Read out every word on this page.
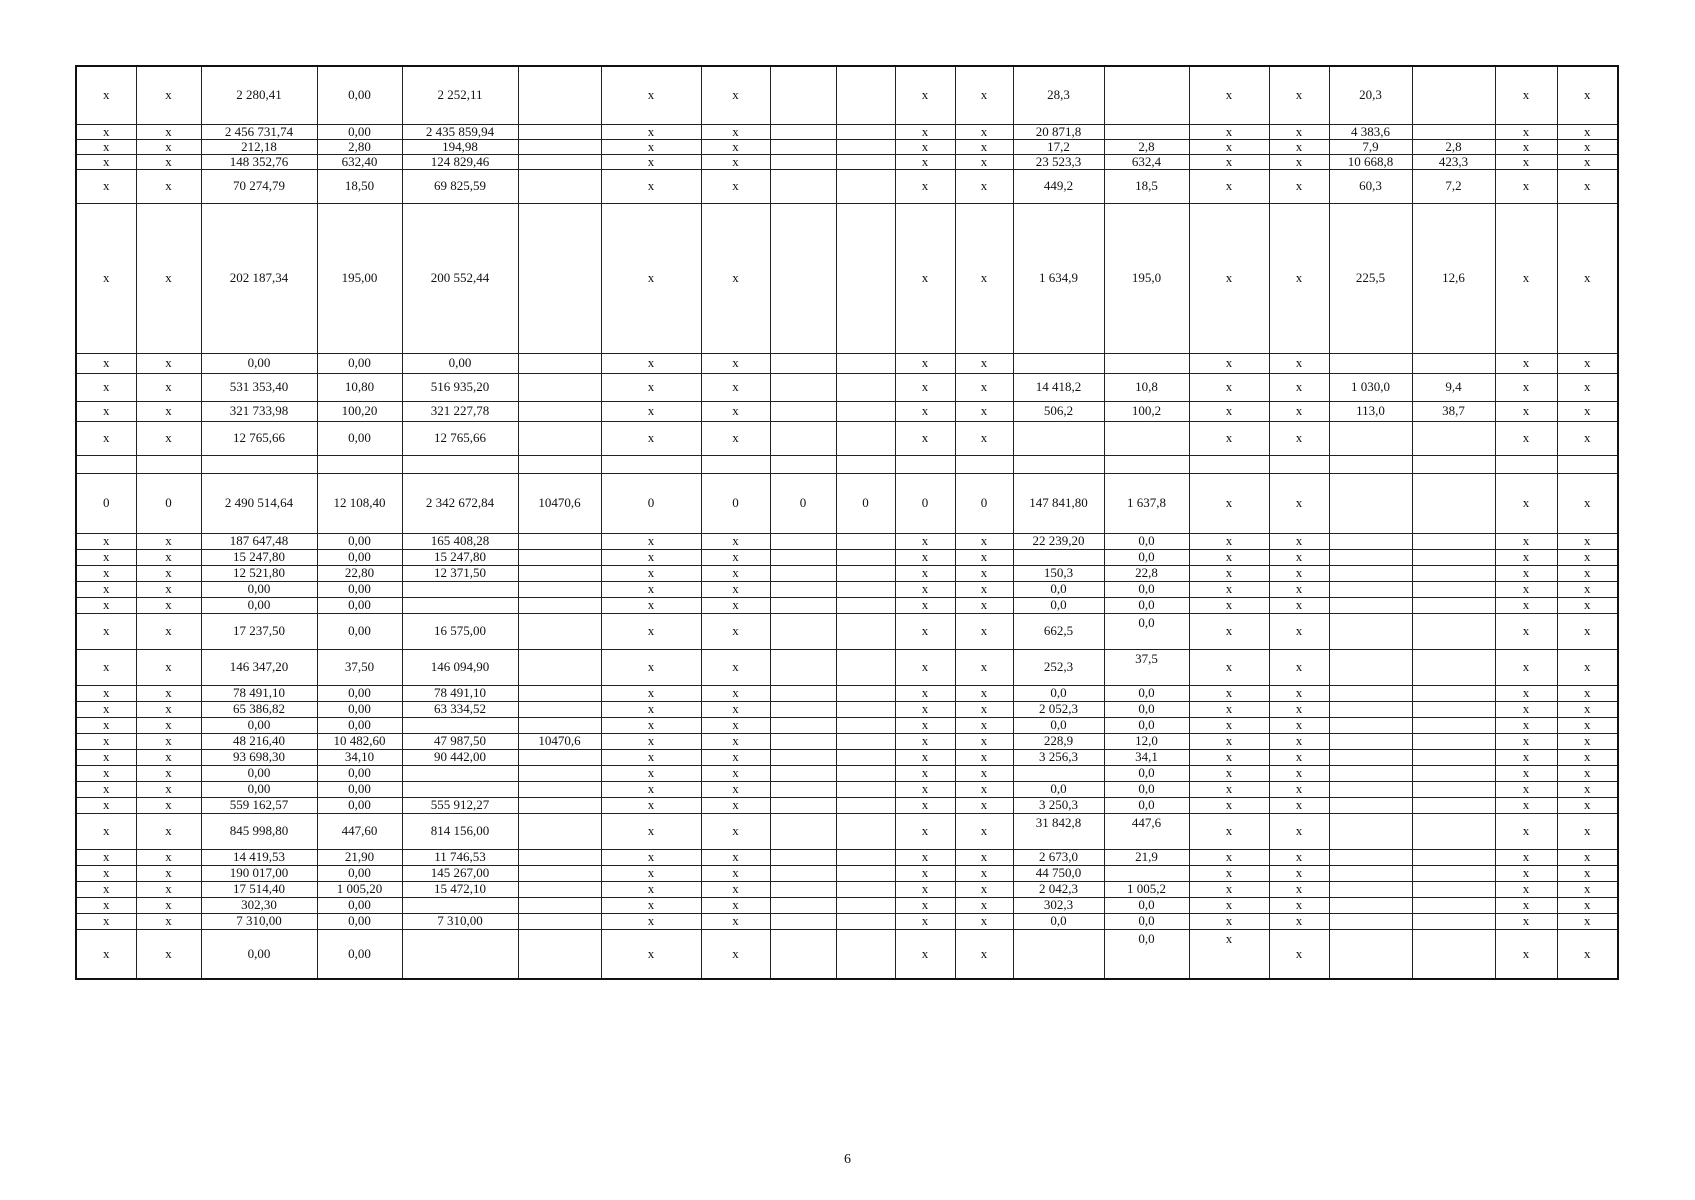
x	x	2 280,41	0,00	2 252,11		x	x			x	x	28,3		x	x	20,3		x	x
x	x	2 456 731,74	0,00	2 435 859,94		x	x			x	x	20 871,8		x	x	4 383,6		x	x
x	x	212,18	2,80	194,98		x	x			x	x	17,2	2,8	x	x	7,9	2,8	x	x
x	x	148 352,76	632,40	124 829,46		x	x			x	x	23 523,3	632,4	x	x	10 668,8	423,3	x	x
x	x	70 274,79	18,50	69 825,59		x	x			x	x	449,2	18,5	x	x	60,3	7,2	x	x
x	x	202 187,34	195,00	200 552,44		x	x			x	x	1 634,9	195,0	x	x	225,5	12,6	x	x
x	x	0,00	0,00	0,00		x	x			x	x			x	x			x	x
x	x	531 353,40	10,80	516 935,20		x	x			x	x	14 418,2	10,8	x	x	1 030,0	9,4	x	x
x	x	321 733,98	100,20	321 227,78		x	x			x	x	506,2	100,2	x	x	113,0	38,7	x	x
x	x	12 765,66	0,00	12 765,66		x	x			x	x			x	x			x	x

0	0	2 490 514,64	12 108,40	2 342 672,84	10470,6	0	0	0	0	0	0	147 841,80	1 637,8	x	x			x	x
x	x	187 647,48	0,00	165 408,28		x	x			x	x	22 239,20	0,0	x	x			x	x
x	x	15 247,80	0,00	15 247,80		x	x			x	x		0,0	x	x			x	x
x	x	12 521,80	22,80	12 371,50		x	x			x	x	150,3	22,8	x	x			x	x
x	x	0,00	0,00			x	x			x	x	0,0	0,0	x	x			x	x
x	x	0,00	0,00			x	x			x	x	0,0	0,0	x	x			x	x
x	x	17 237,50	0,00	16 575,00		x	x			x	x	662,5	0,0	x	x			x	x
x	x	146 347,20	37,50	146 094,90		x	x			x	x	252,3	37,5	x	x			x	x
x	x	78 491,10	0,00	78 491,10		x	x			x	x	0,0	0,0	x	x			x	x
x	x	65 386,82	0,00	63 334,52		x	x			x	x	2 052,3	0,0	x	x			x	x
x	x	0,00	0,00			x	x			x	x	0,0	0,0	x	x			x	x
x	x	48 216,40	10 482,60	47 987,50	10470,6	x	x			x	x	228,9	12,0	x	x			x	x
x	x	93 698,30	34,10	90 442,00		x	x			x	x	3 256,3	34,1	x	x			x	x
x	x	0,00	0,00			x	x			x	x		0,0	x	x			x	x
x	x	0,00	0,00			x	x			x	x	0,0	0,0	x	x			x	x
x	x	559 162,57	0,00	555 912,27		x	x			x	x	3 250,3	0,0	x	x			x	x
x	x	845 998,80	447,60	814 156,00		x	x			x	x	31 842,8	447,6	x	x			x	x
x	x	14 419,53	21,90	11 746,53		x	x			x	x	2 673,0	21,9	x	x			x	x
x	x	190 017,00	0,00	145 267,00		x	x			x	x	44 750,0		x	x			x	x
x	x	17 514,40	1 005,20	15 472,10		x	x			x	x	2 042,3	1 005,2	x	x			x	x
x	x	302,30	0,00			x	x			x	x	302,3	0,0	x	x			x	x
x	x	7 310,00	0,00	7 310,00		x	x			x	x	0,0	0,0	x	x			x	x
x	x	0,00	0,00			x	x			x	x		0,0	x	x			x	x
6
